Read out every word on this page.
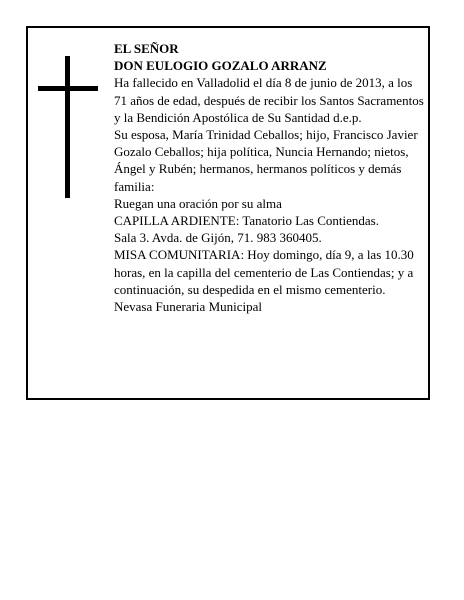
EL SEÑOR

DON EULOGIO GOZALO ARRANZ

Ha fallecido en Valladolid el día 8 de junio de 2013, a los 71 años de edad, después de recibir los Santos Sacramentos y la Bendición Apostólica de Su Santidad d.e.p.

Su esposa, María Trinidad Ceballos; hijo, Francisco Javier Gozalo Ceballos; hija política, Nuncia Hernando; nietos, Ángel y Rubén; hermanos, hermanos políticos y demás familia:

Ruegan una oración por su alma

CAPILLA ARDIENTE: Tanatorio Las Contiendas.

Sala 3. Avda. de Gijón, 71. 983 360405.

MISA COMUNITARIA: Hoy domingo, día 9, a las 10.30 horas, en la capilla del cementerio de Las Contiendas; y a continuación, su despedida en el mismo cementerio.

Nevasa Funeraria Municipal
